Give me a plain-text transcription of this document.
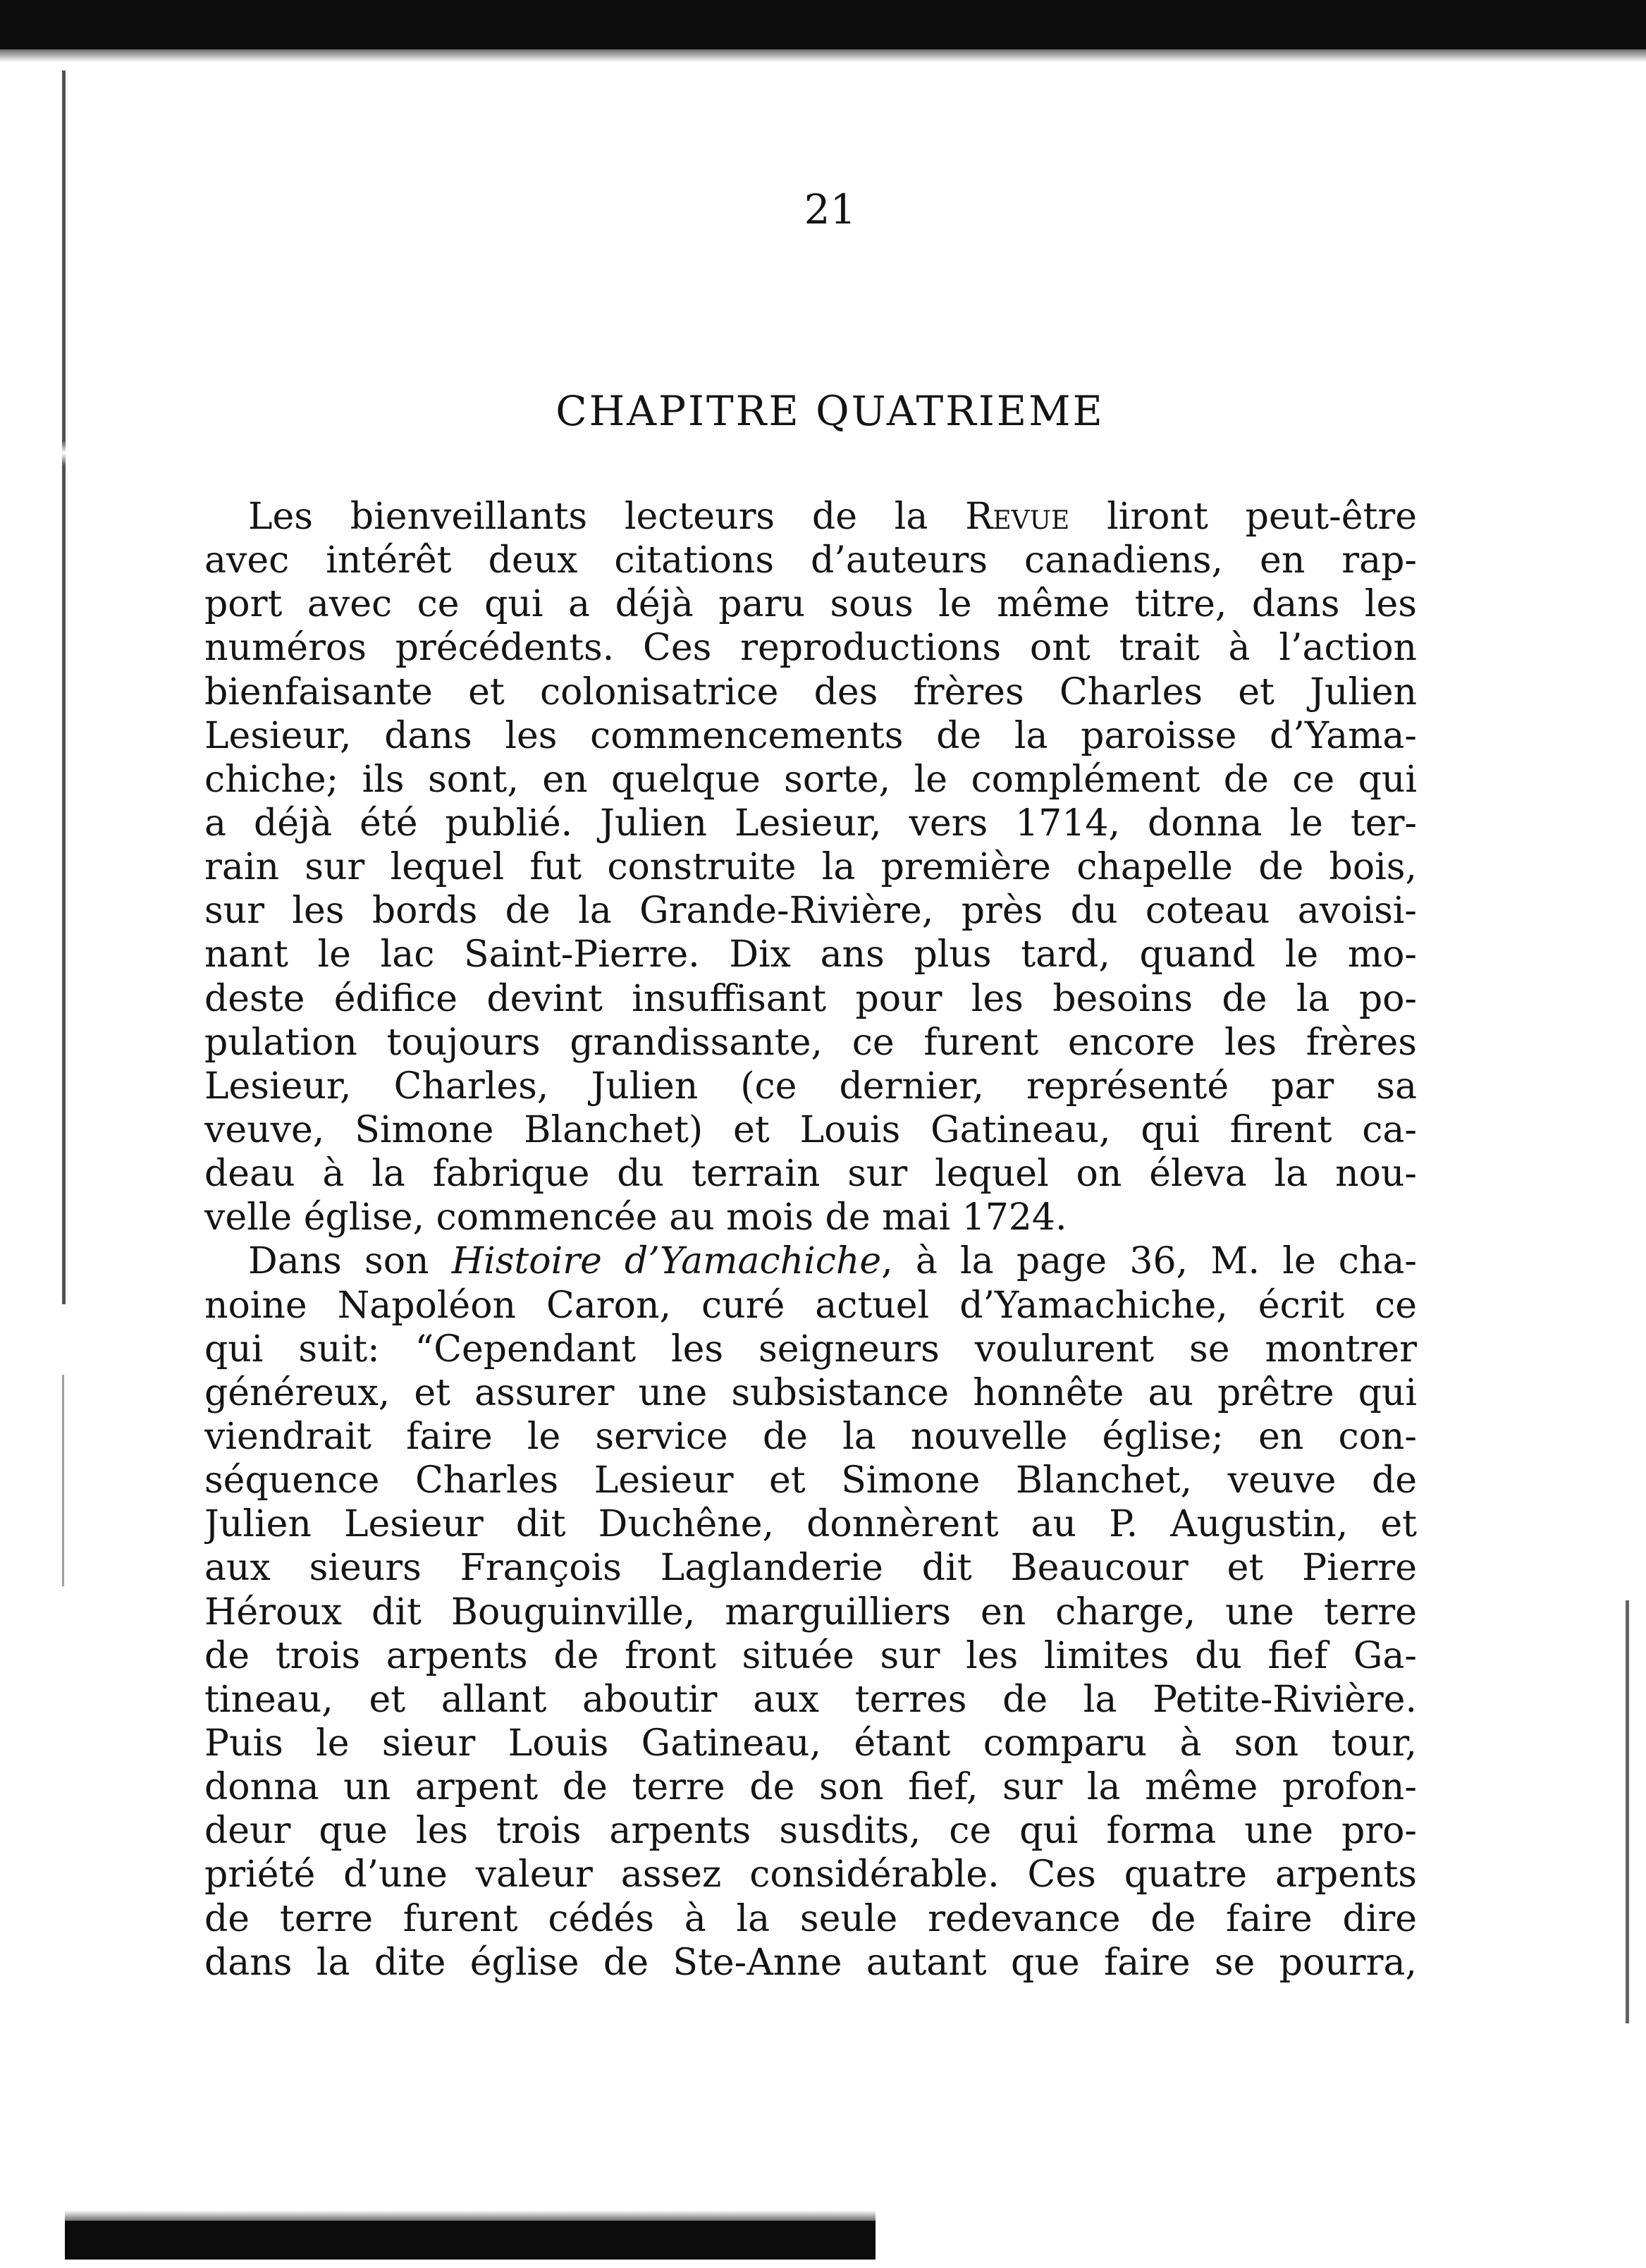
21
CHAPITRE QUATRIEME
Les bienveillants lecteurs de la Revue liront peut-être
avec intérêt deux citations d’auteurs canadiens, en rap-
port avec ce qui a déjà paru sous le même titre, dans les
numéros précédents. Ces reproductions ont trait à l’action
bienfaisante et colonisatrice des frères Charles et Julien
Lesieur, dans les commencements de la paroisse d’Yama-
chiche; ils sont, en quelque sorte, le complément de ce qui
a déjà été publié. Julien Lesieur, vers 1714, donna le ter-
rain sur lequel fut construite la première chapelle de bois,
sur les bords de la Grande-Rivière, près du coteau avoisi-
nant le lac Saint-Pierre. Dix ans plus tard, quand le mo-
deste édifice devint insuffisant pour les besoins de la po-
pulation toujours grandissante, ce furent encore les frères
Lesieur, Charles, Julien (ce dernier, représenté par sa
veuve, Simone Blanchet) et Louis Gatineau, qui firent ca-
deau à la fabrique du terrain sur lequel on éleva la nou-
velle église, commencée au mois de mai 1724.
Dans son Histoire d’Yamachiche, à la page 36, M. le cha-
noine Napoléon Caron, curé actuel d’Yamachiche, écrit ce
qui suit: “Cependant les seigneurs voulurent se montrer
généreux, et assurer une subsistance honnête au prêtre qui
viendrait faire le service de la nouvelle église; en con-
séquence Charles Lesieur et Simone Blanchet, veuve de
Julien Lesieur dit Duchêne, donnèrent au P. Augustin, et
aux sieurs François Laglanderie dit Beaucour et Pierre
Héroux dit Bouguinville, marguilliers en charge, une terre
de trois arpents de front située sur les limites du fief Ga-
tineau, et allant aboutir aux terres de la Petite-Rivière.
Puis le sieur Louis Gatineau, étant comparu à son tour,
donna un arpent de terre de son fief, sur la même profon-
deur que les trois arpents susdits, ce qui forma une pro-
priété d’une valeur assez considérable. Ces quatre arpents
de terre furent cédés à la seule redevance de faire dire
dans la dite église de Ste-Anne autant que faire se pourra,
